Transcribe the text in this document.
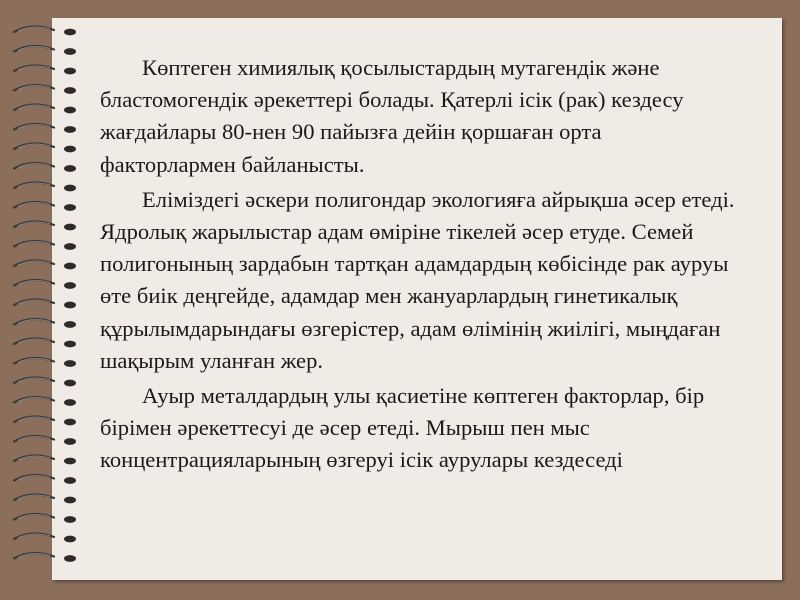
Көптеген химиялық қосылыстардың мутагендік және бластомогендік әрекеттері болады. Қатерлі ісік (рак) кездесу жағдайлары 80-нен 90 пайызға дейін қоршаған орта факторлармен байланысты.

Еліміздегі әскери полигондар экологияға айрықша әсер етеді. Ядролық жарылыстар адам өміріне тікелей әсер етуде. Семей полигонының зардабын тартқан адамдардың көбісінде рак ауруы өте биік деңгейде, адамдар мен жануарлардың гинетикалық құрылымдарындағы өзгерістер, адам өлімінің жиілігі, мыңдаған шақырым уланған жер.

Ауыр металдардың улы қасиетіне көптеген факторлар, бір бірімен әрекеттесуі де әсер етеді. Мырыш пен мыс концентрацияларының өзгеруі ісік аурулары кездеседі
